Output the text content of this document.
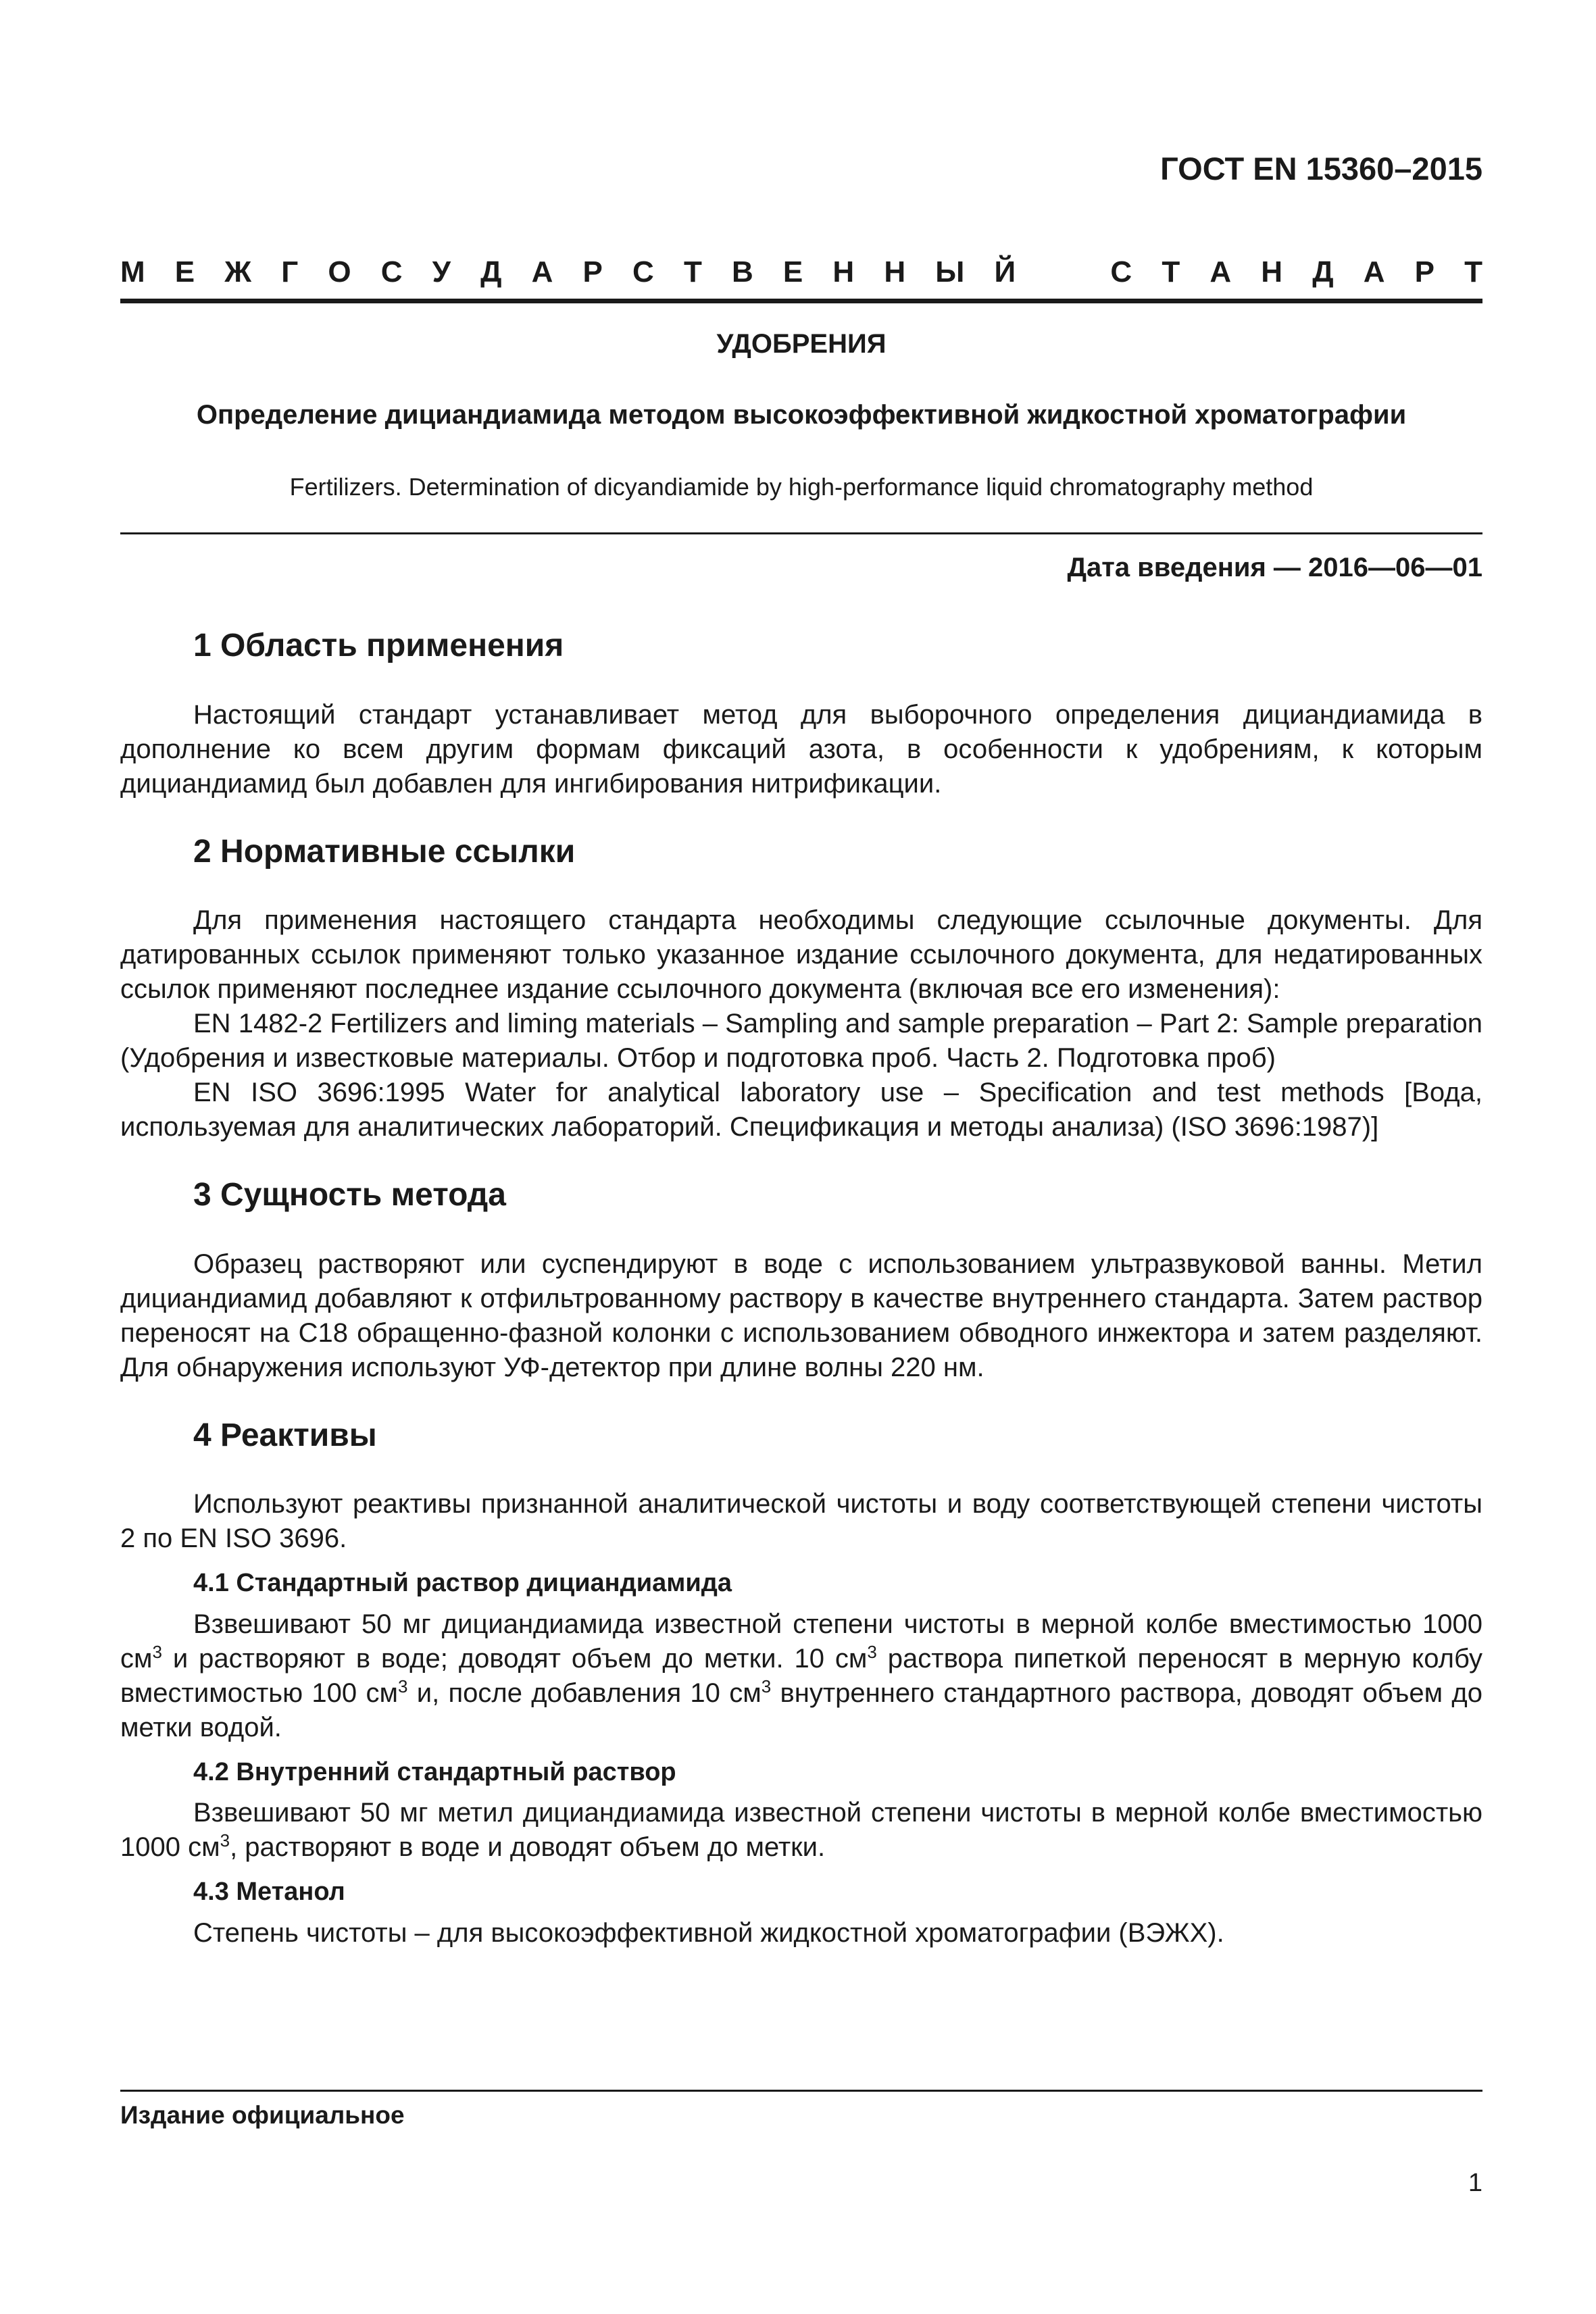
ГОСТ EN 15360–2015

М Е Ж Г О С У Д А Р С Т В Е Н Н Ы Й	С Т А Н Д А Р Т

УДОБРЕНИЯ

Определение дициандиамида методом высокоэффективной жидкостной хроматографии

Fertilizers. Determination of dicyandiamide by high-performance liquid chromatography method

Дата введения — 2016—06—01

1 Область применения

Настоящий стандарт устанавливает метод для выборочного определения дициандиамида в дополнение ко всем другим формам фиксаций азота, в особенности к удобрениям, к которым дициандиамид был добавлен для ингибирования нитрификации.

2 Нормативные ссылки

Для применения настоящего стандарта необходимы следующие ссылочные документы. Для датированных ссылок применяют только указанное издание ссылочного документа, для недатированных ссылок применяют последнее издание ссылочного документа (включая все его изменения):

EN 1482-2 Fertilizers and liming materials – Sampling and sample preparation – Part 2: Sample preparation (Удобрения и известковые материалы. Отбор и подготовка проб. Часть 2. Подготовка проб)

EN ISO 3696:1995 Water for analytical laboratory use – Specification and test methods [Вода, используемая для аналитических лабораторий. Спецификация и методы анализа) (ISO 3696:1987)]

3 Сущность метода

Образец растворяют или суспендируют в воде с использованием ультразвуковой ванны. Метил дициандиамид добавляют к отфильтрованному раствору в качестве внутреннего стандарта. Затем раствор переносят на C18 обращенно-фазной колонки с использованием обводного инжектора и затем разделяют. Для обнаружения используют УФ-детектор при длине волны 220 нм.

4 Реактивы

Используют реактивы признанной аналитической чистоты и воду соответствующей степени чистоты 2 по EN ISO 3696.

4.1 Стандартный раствор дициандиамида

Взвешивают 50 мг дициандиамида известной степени чистоты в мерной колбе вместимостью 1000 $см^3$ и растворяют в воде; доводят объем до метки. 10 $см^3$ раствора пипеткой переносят в мерную колбу вместимостью 100 $см^3$ и, после добавления 10 $см^3$ внутреннего стандартного раствора, доводят объем до метки водой.

4.2 Внутренний стандартный раствор

Взвешивают 50 мг метил дициандиамида известной степени чистоты в мерной колбе вместимостью 1000 $см^3$, растворяют в воде и доводят объем до метки.

4.3 Метанол

Степень чистоты – для высокоэффективной жидкостной хроматографии (ВЭЖХ).

Издание официальное

1
